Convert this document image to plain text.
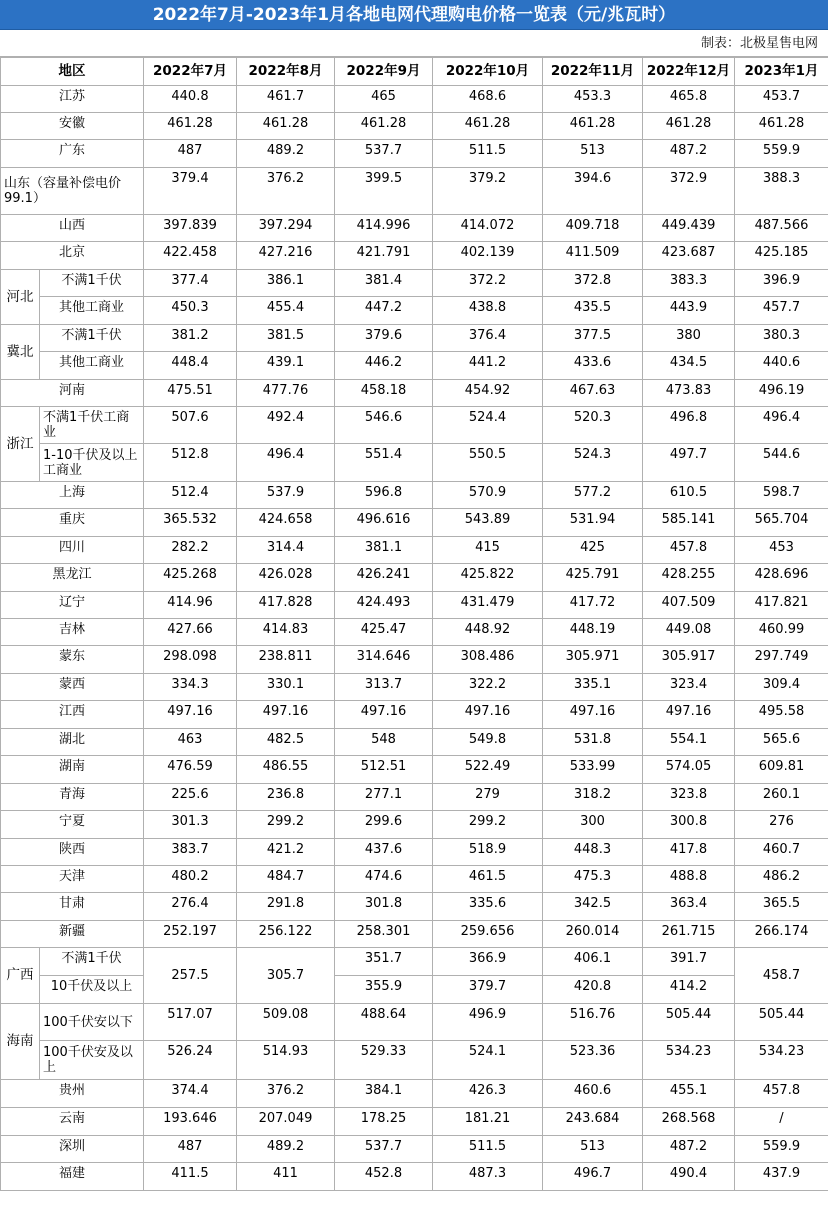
2022年7月-2023年1月各地电网代理购电价格一览表（元/兆瓦时）
制表：北极星售电网
地区		2022年7月	2022年8月	2022年9月	2022年10月	2022年11月	2022年12月	2023年1月
江苏		440.8	461.7	465	468.6	453.3	465.8	453.7
安徽		461.28	461.28	461.28	461.28	461.28	461.28	461.28
广东		487	489.2	537.7	511.5	513	487.2	559.9
山东（容量补偿电价99.1）		379.4	376.2	399.5	379.2	394.6	372.9	388.3
山西		397.839	397.294	414.996	414.072	409.718	449.439	487.566
北京		422.458	427.216	421.791	402.139	411.509	423.687	425.185
河北	不满1千伏	377.4	386.1	381.4	372.2	372.8	383.3	396.9
	其他工商业	450.3	455.4	447.2	438.8	435.5	443.9	457.7
冀北	不满1千伏	381.2	381.5	379.6	376.4	377.5	380	380.3
	其他工商业	448.4	439.1	446.2	441.2	433.6	434.5	440.6
河南		475.51	477.76	458.18	454.92	467.63	473.83	496.19
浙江	不满1千伏工商业	507.6	492.4	546.6	524.4	520.3	496.8	496.4
	1-10千伏及以上工商业	512.8	496.4	551.4	550.5	524.3	497.7	544.6
上海		512.4	537.9	596.8	570.9	577.2	610.5	598.7
重庆		365.532	424.658	496.616	543.89	531.94	585.141	565.704
四川		282.2	314.4	381.1	415	425	457.8	453
黑龙江		425.268	426.028	426.241	425.822	425.791	428.255	428.696
辽宁		414.96	417.828	424.493	431.479	417.72	407.509	417.821
吉林		427.66	414.83	425.47	448.92	448.19	449.08	460.99
蒙东		298.098	238.811	314.646	308.486	305.971	305.917	297.749
蒙西		334.3	330.1	313.7	322.2	335.1	323.4	309.4
江西		497.16	497.16	497.16	497.16	497.16	497.16	495.58
湖北		463	482.5	548	549.8	531.8	554.1	565.6
湖南		476.59	486.55	512.51	522.49	533.99	574.05	609.81
青海		225.6	236.8	277.1	279	318.2	323.8	260.1
宁夏		301.3	299.2	299.6	299.2	300	300.8	276
陕西		383.7	421.2	437.6	518.9	448.3	417.8	460.7
天津		480.2	484.7	474.6	461.5	475.3	488.8	486.2
甘肃		276.4	291.8	301.8	335.6	342.5	363.4	365.5
新疆		252.197	256.122	258.301	259.656	260.014	261.715	266.174
广西	不满1千伏	257.5	305.7	351.7	366.9	406.1	391.7	458.7
	10千伏及以上			355.9	379.7	420.8	414.2	
海南	100千伏安以下	517.07	509.08	488.64	496.9	516.76	505.44	505.44
	100千伏安及以上	526.24	514.93	529.33	524.1	523.36	534.23	534.23
贵州		374.4	376.2	384.1	426.3	460.6	455.1	457.8
云南		193.646	207.049	178.25	181.21	243.684	268.568	/
深圳		487	489.2	537.7	511.5	513	487.2	559.9
福建		411.5	411	452.8	487.3	496.7	490.4	437.9
